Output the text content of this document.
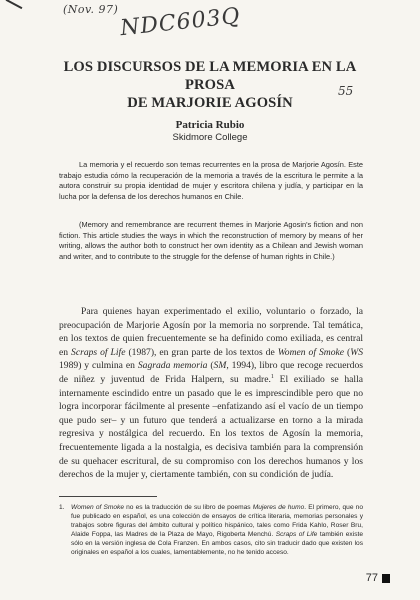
(Nov. 97) NDC603Q
55
LOS DISCURSOS DE LA MEMORIA EN LA PROSA
DE MARJORIE AGOSÍN
Patricia Rubio
Skidmore College
La memoria y el recuerdo son temas recurrentes en la prosa de Marjorie Agosín. Este trabajo estudia cómo la recuperación de la memoria a través de la escritura le permite a la autora construir su propia identidad de mujer y escritora chilena y judía, y participar en la lucha por la defensa de los derechos humanos en Chile.
(Memory and remembrance are recurrent themes in Marjorie Agosin's fiction and non fiction. This article studies the ways in which the reconstruction of memory by means of her writing, allows the author both to construct her own identity as a Chilean and Jewish woman and writer, and to contribute to the struggle for the defense of human rights in Chile.)
Para quienes hayan experimentado el exilio, voluntario o forzado, la preocupación de Marjorie Agosín por la memoria no sorprende. Tal temática, en los textos de quien frecuentemente se ha definido como exiliada, es central en Scraps of Life (1987), en gran parte de los textos de Women of Smoke (WS 1989) y culmina en Sagrada memoria (SM, 1994), libro que recoge recuerdos de niñez y juventud de Frida Halpern, su madre.$^1$ El exiliado se halla internamente escindido entre un pasado que le es imprescindible pero que no logra incorporar fácilmente al presente –enfatizando así el vacío de un tiempo que pudo ser– y un futuro que tenderá a actualizarse en torno a la mirada regresiva y nostálgica del recuerdo. En los textos de Agosín la memoria, frecuentemente ligada a la nostalgia, es decisiva también para la comprensión de su quehacer escritural, de su compromiso con los derechos humanos y los derechos de la mujer y, ciertamente también, con su condición de judía.
1. Women of Smoke no es la traducción de su libro de poemas Mujeres de humo. El primero, que no fue publicado en español, es una colección de ensayos de crítica literaria, memorias personales y trabajos sobre figuras del ámbito cultural y político hispánico, tales como Frida Kahlo, Roser Bru, Alaide Foppa, las Madres de la Plaza de Mayo, Rigoberta Menchú. Scraps of Life también existe sólo en la versión inglesa de Cola Franzen. En ambos casos, cito sin traducir dado que existen los originales en español a los cuales, lamentablemente, no he tenido acceso.
77
